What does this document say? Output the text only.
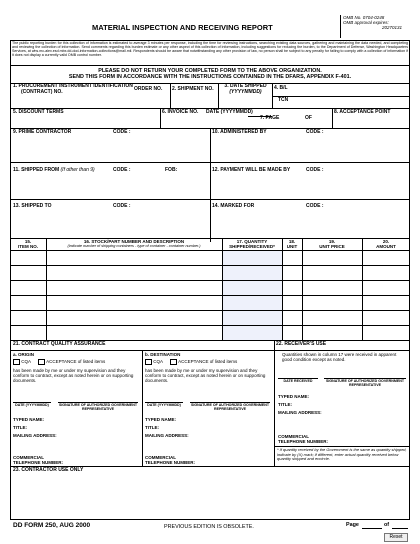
MATERIAL INSPECTION AND RECEIVING REPORT
OMB No. 0704-0248
OMB approval expires:
20270131
The public reporting burden for this collection of information is estimated to average 3 minutes per response, including the time for reviewing instructions, searching existing data sources, gathering and maintaining the data needed, and completing and reviewing the collection of information. Send comments regarding this burden estimate or any other aspect of this collection of information, including suggestions for reducing the burden, to the Department of Defense, Washington Headquarters Services, at whs.mc-alex.esd.mbx.dd-dod-information-collections@mail.mil. Respondents should be aware that notwithstanding any other provision of law, no person shall be subject to any penalty for failing to comply with a collection of information if it does not display a currently valid OMB control number.
PLEASE DO NOT RETURN YOUR COMPLETED FORM TO THE ABOVE ORGANIZATION.
SEND THIS FORM IN ACCORDANCE WITH THE INSTRUCTIONS CONTAINED IN THE DFARS, APPENDIX F-401.
1. PROCUREMENT INSTRUMENT IDENTIFICATION
(CONTRACT) NO.	ORDER NO. 2. SHIPMENT NO.	3. DATE SHIPPED
(YYYYMMDD)
4. B/L
TCN
5. DISCOUNT TERMS	6. INVOICE NO. DATE (YYYYMMDD)
7. PAGE	OF
8. ACCEPTANCE POINT
9. PRIME CONTRACTOR	CODE :	10. ADMINISTERED BY	CODE :
11. SHIPPED FROM (If other than 9)	CODE :	FOB:	12. PAYMENT WILL BE MADE BY	CODE :
13. SHIPPED TO	CODE :	14. MARKED FOR	CODE :
15.
ITEM NO.
16. STOCK/PART NUMBER AND DESCRIPTION
(Indicate number of shipping containers - type of container - container number.)
17. QUANTITY
SHIPPED/RECEIVED*
18.
UNIT
19.
UNIT PRICE
20.
AMOUNT
21. CONTRACT QUALITY ASSURANCE	22. RECEIVER'S USE
a. ORIGIN
CQA	ACCEPTANCE of listed items
has been made by me or under my supervision and they conform to contract, except as noted herein or on supporting documents.
DATE (YYYYMMDD)	SIGNATURE OF AUTHORIZED GOVERNMENT REPRESENTATIVE
TYPED NAME:
TITLE:
MAILING ADDRESS:
COMMERCIAL
TELEPHONE NUMBER:
b. DESTINATION
CQA	ACCEPTANCE of listed items
has been made by me or under my supervision and they conform to contract, except as noted herein or on supporting documents.
DATE (YYYYMMDD)	SIGNATURE OF AUTHORIZED GOVERNMENT REPRESENTATIVE
TYPED NAME:
TITLE:
MAILING ADDRESS:
COMMERCIAL
TELEPHONE NUMBER:
Quantities shown in column 17 were received in apparent good condition except as noted.
DATE RECEIVED	SIGNATURE OF AUTHORIZED GOVERNMENT REPRESENTATIVE
TYPED NAME:
TITLE:
MAILING ADDRESS:
COMMERCIAL
TELEPHONE NUMBER:
* If quantity received by the Government is the same as quantity shipped, indicate by (X) mark; if different, enter actual quantity received below quantity shipped and encircle.
23. CONTRACTOR USE ONLY
DD FORM 250, AUG 2000	PREVIOUS EDITION IS OBSOLETE.	Page	of
Reset
